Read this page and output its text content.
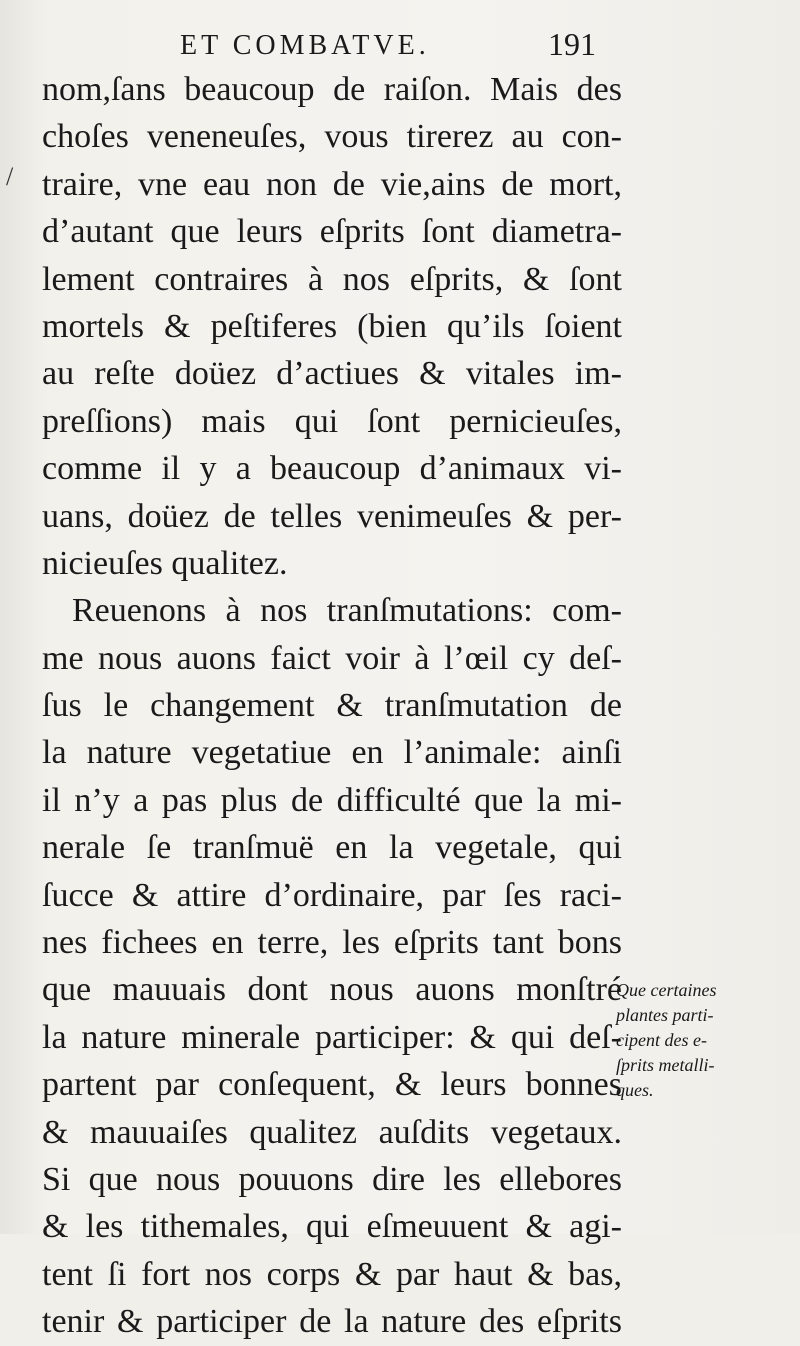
/
ET COMBATVE.	191
nom,ſans beaucoup de raiſon. Mais des
choſes veneneuſes, vous tirerez au con-
traire, vne eau non de vie,ains de mort,
d’autant que leurs eſprits ſont diametra-
lement contraires à nos eſprits, & ſont
mortels & peſtiferes (bien qu’ils ſoient
au reſte doüez d’actiues & vitales im-
preſſions) mais qui ſont pernicieuſes,
comme il y a beaucoup d’animaux vi-
uans, doüez de telles venimeuſes & per-
nicieuſes qualitez.
Reuenons à nos tranſmutations: com-
me nous auons faict voir à l’œil cy deſ-
ſus le changement & tranſmutation de
la nature vegetatiue en l’animale: ainſi
il n’y a pas plus de difficulté que la mi-
nerale ſe tranſmuë en la vegetale, qui
ſucce & attire d’ordinaire, par ſes raci-
nes fichees en terre, les eſprits tant bons
que mauuais dont nous auons monſtré
la nature minerale participer: & qui deſ-
partent par conſequent, & leurs bonnes
& mauuaiſes qualitez auſdits vegetaux.
Si que nous pouuons dire les ellebores
& les tithemales, qui eſmeuuent & agi-
tent ſi fort nos corps & par haut & bas,
tenir & participer de la nature des eſprits
Que certaines
plantes parti-
cipent des e-
ſprits metalli-
ques.
